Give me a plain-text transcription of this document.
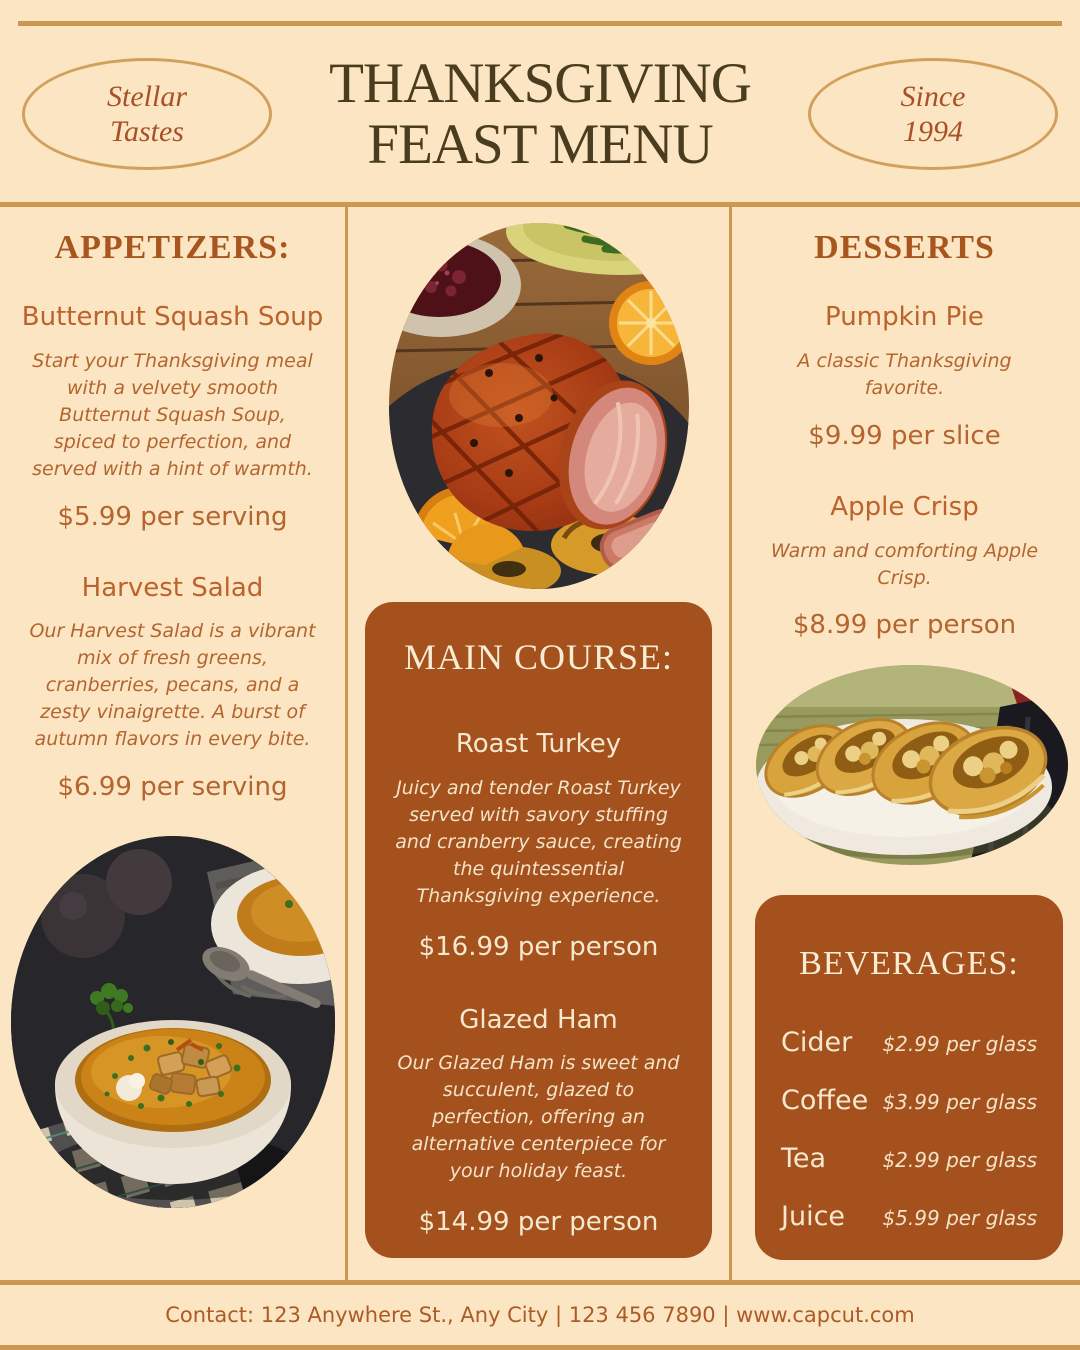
Stellar
Tastes
THANKSGIVING
FEAST MENU
Since
1994
APPETIZERS:
Butternut Squash Soup
Start your Thanksgiving meal with a velvety smooth Butternut Squash Soup, spiced to perfection, and served with a hint of warmth.
$5.99 per serving
Harvest Salad
Our Harvest Salad is a vibrant mix of fresh greens, cranberries, pecans, and a zesty vinaigrette. A burst of autumn flavors in every bite.
$6.99 per serving
MAIN COURSE:
Roast Turkey
Juicy and tender Roast Turkey served with savory stuffing and cranberry sauce, creating the quintessential Thanksgiving experience.
$16.99 per person
Glazed Ham
Our Glazed Ham is sweet and succulent, glazed to perfection, offering an alternative centerpiece for your holiday feast.
$14.99 per person
DESSERTS
Pumpkin Pie
A classic Thanksgiving favorite.
$9.99 per slice
Apple Crisp
Warm and comforting Apple Crisp.
$8.99 per person
BEVERAGES:
Cider $2.99 per glass
Coffee $3.99 per glass
Tea	$2.99 per glass
Juice $5.99 per glass
Contact: 123 Anywhere St., Any City | 123 456 7890 | www.capcut.com
